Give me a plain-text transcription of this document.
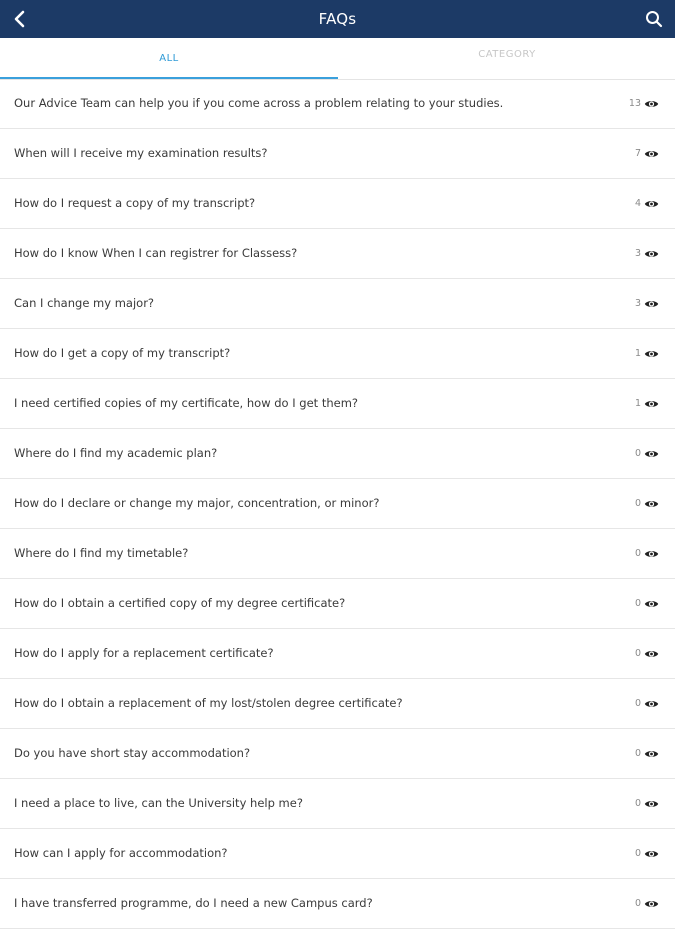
FAQs
ALL	CATEGORY
Our Advice Team can help you if you come across a problem relating to your studies.	13
When will I receive my examination results?	7
How do I request a copy of my transcript?	4
How do I know When I can registrer for Classess?	3
Can I change my major?	3
How do I get a copy of my transcript?	1
I need certified copies of my certificate, how do I get them?	1
Where do I find my academic plan?	0
How do I declare or change my major, concentration, or minor?	0
Where do I find my timetable?	0
How do I obtain a certified copy of my degree certificate?	0
How do I apply for a replacement certificate?	0
How do I obtain a replacement of my lost/stolen degree certificate?	0
Do you have short stay accommodation?	0
I need a place to live, can the University help me?	0
How can I apply for accommodation?	0
I have transferred programme, do I need a new Campus card?	0
